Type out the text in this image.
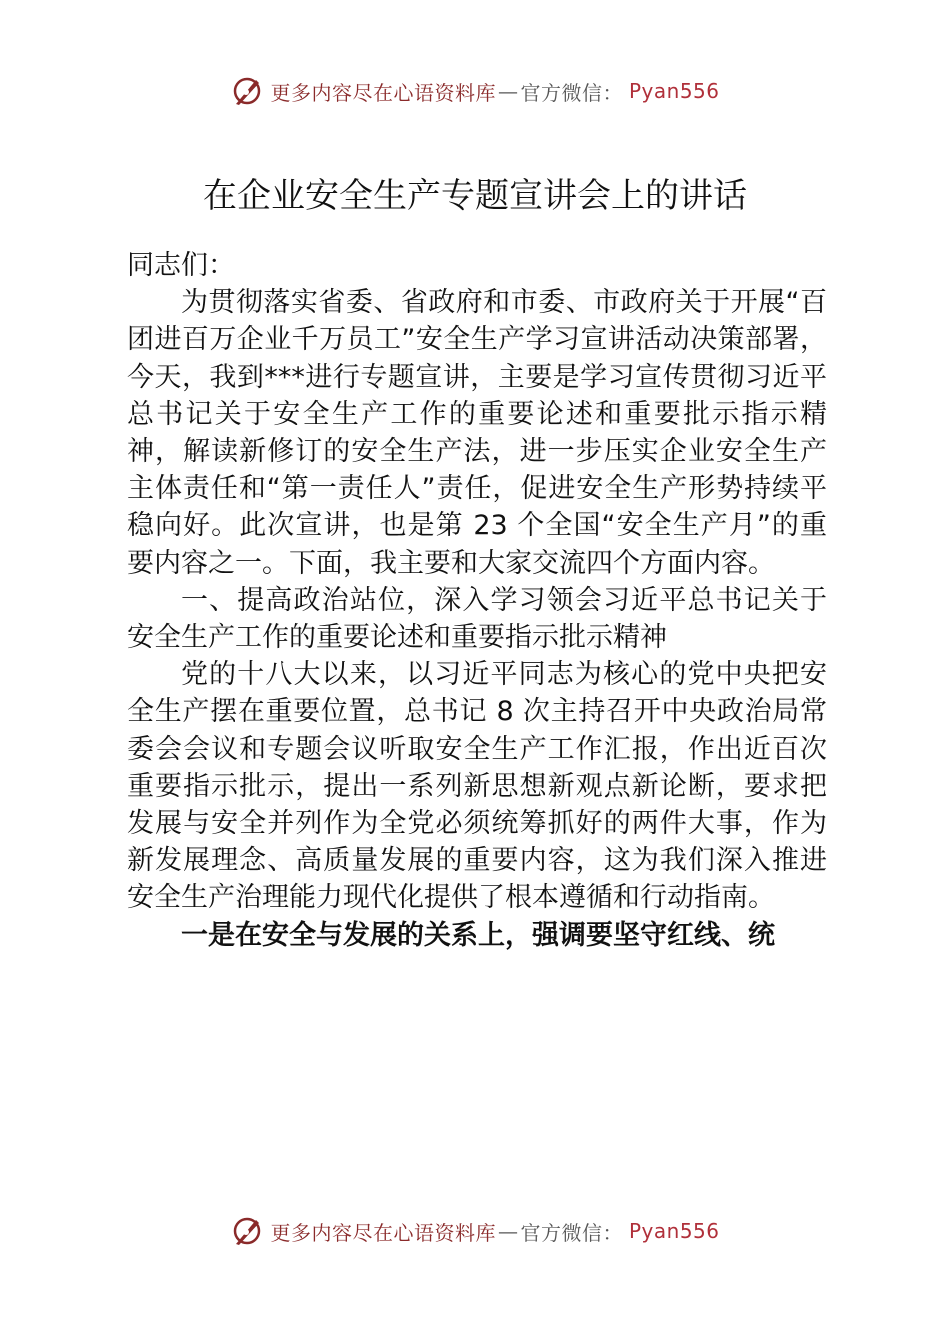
更多内容尽在心语资料库 — 官方微信： Pyan556
在企业安全生产专题宣讲会上的讲话

同志们：

为贯彻落实省委、省政府和市委、市政府关于开展“百团进百万企业千万员工”安全生产学习宣讲活动决策部署，今天，我到***进行专题宣讲，主要是学习宣传贯彻习近平总书记关于安全生产工作的重要论述和重要批示指示精神，解读新修订的安全生产法，进一步压实企业安全生产主体责任和“第一责任人”责任，促进安全生产形势持续平稳向好。此次宣讲，也是第 23 个全国“安全生产月”的重要内容之一。下面，我主要和大家交流四个方面内容。

一、提高政治站位，深入学习领会习近平总书记关于安全生产工作的重要论述和重要指示批示精神

党的十八大以来，以习近平同志为核心的党中央把安全生产摆在重要位置，总书记 8 次主持召开中央政治局常委会会议和专题会议听取安全生产工作汇报，作出近百次重要指示批示，提出一系列新思想新观点新论断，要求把发展与安全并列作为全党必须统筹抓好的两件大事，作为新发展理念、高质量发展的重要内容，这为我们深入推进安全生产治理能力现代化提供了根本遵循和行动指南。

一是在安全与发展的关系上，强调要坚守红线、统

更多内容尽在心语资料库 — 官方微信： Pyan556
